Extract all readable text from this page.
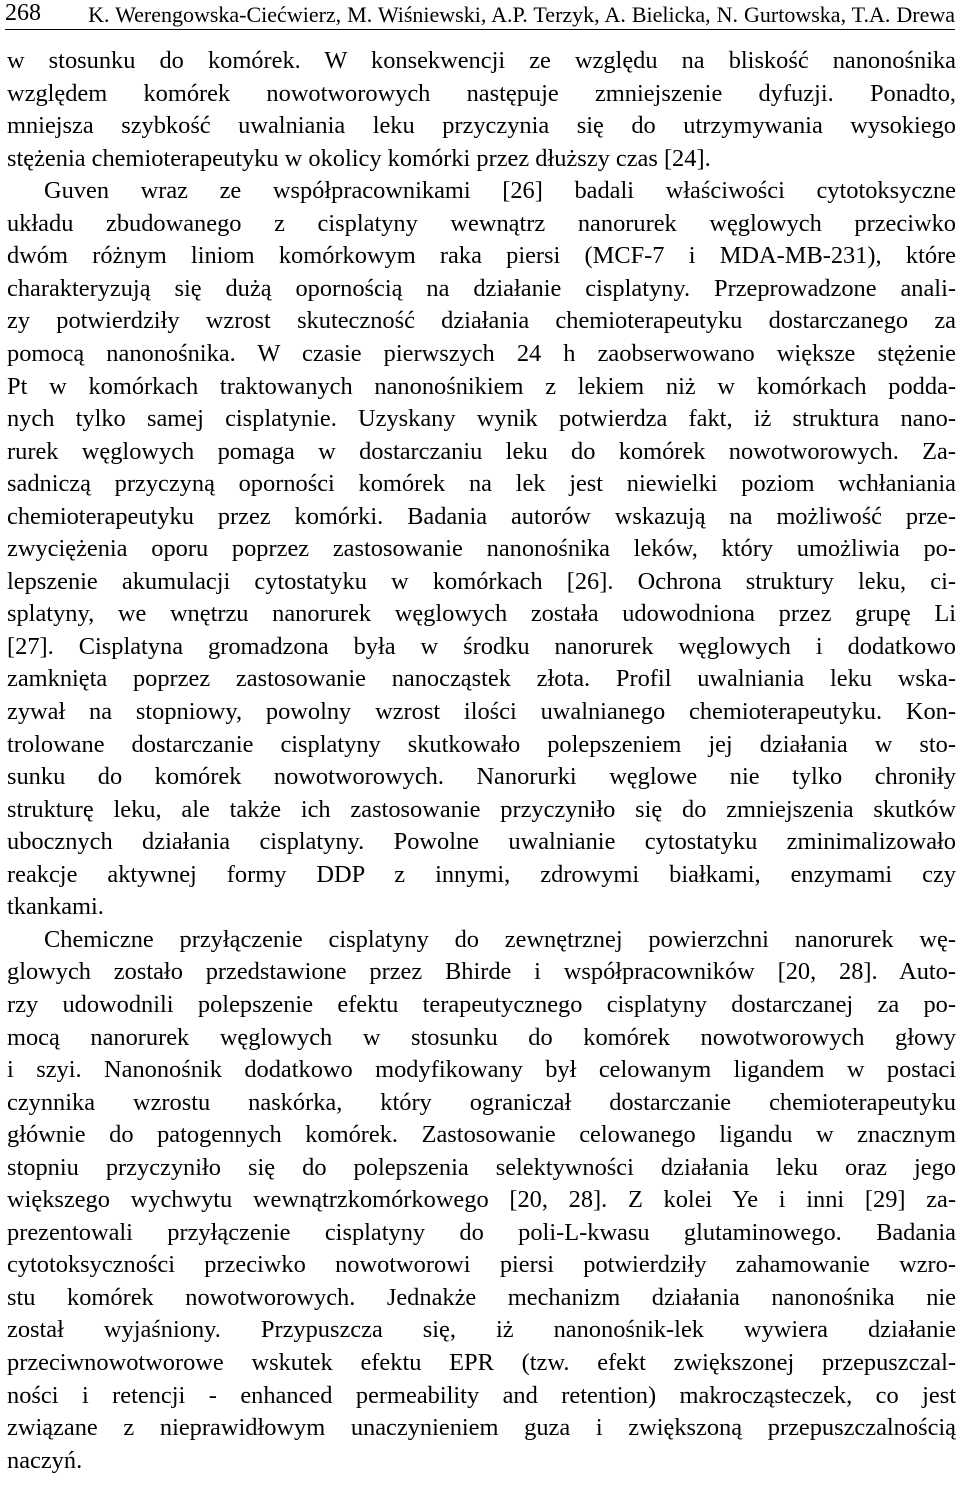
268 K. Werengowska-Ciećwierz, M. Wiśniewski, A.P. Terzyk, A. Bielicka, N. Gurtowska, T.A. Drewa
w stosunku do komórek. W konsekwencji ze względu na bliskość nanonośnika
względem komórek nowotworowych następuje zmniejszenie dyfuzji. Ponadto,
mniejsza szybkość uwalniania leku przyczynia się do utrzymywania wysokiego
stężenia chemioterapeutyku w okolicy komórki przez dłuższy czas [24].
Guven wraz ze współpracownikami [26] badali właściwości cytotoksyczne
układu zbudowanego z cisplatyny wewnątrz nanorurek węglowych przeciwko
dwóm różnym liniom komórkowym raka piersi (MCF-7 i MDA-MB-231), które
charakteryzują się dużą opornością na działanie cisplatyny. Przeprowadzone anali-
zy potwierdziły wzrost skuteczność działania chemioterapeutyku dostarczanego za
pomocą nanonośnika. W czasie pierwszych 24 h zaobserwowano większe stężenie
Pt w komórkach traktowanych nanonośnikiem z lekiem niż w komórkach podda-
nych tylko samej cisplatynie. Uzyskany wynik potwierdza fakt, iż struktura nano-
rurek węglowych pomaga w dostarczaniu leku do komórek nowotworowych. Za-
sadniczą przyczyną oporności komórek na lek jest niewielki poziom wchłaniania
chemioterapeutyku przez komórki. Badania autorów wskazują na możliwość prze-
zwyciężenia oporu poprzez zastosowanie nanonośnika leków, który umożliwia po-
lepszenie akumulacji cytostatyku w komórkach [26]. Ochrona struktury leku, ci-
splatyny, we wnętrzu nanorurek węglowych została udowodniona przez grupę Li
[27]. Cisplatyna gromadzona była w środku nanorurek węglowych i dodatkowo
zamknięta poprzez zastosowanie nanocząstek złota. Profil uwalniania leku wska-
zywał na stopniowy, powolny wzrost ilości uwalnianego chemioterapeutyku. Kon-
trolowane dostarczanie cisplatyny skutkowało polepszeniem jej działania w sto-
sunku do komórek nowotworowych. Nanorurki węglowe nie tylko chroniły
strukturę leku, ale także ich zastosowanie przyczyniło się do zmniejszenia skutków
ubocznych działania cisplatyny. Powolne uwalnianie cytostatyku zminimalizowało
reakcje aktywnej formy DDP z innymi, zdrowymi białkami, enzymami czy
tkankami.
Chemiczne przyłączenie cisplatyny do zewnętrznej powierzchni nanorurek wę-
glowych zostało przedstawione przez Bhirde i współpracowników [20, 28]. Auto-
rzy udowodnili polepszenie efektu terapeutycznego cisplatyny dostarczanej za po-
mocą nanorurek węglowych w stosunku do komórek nowotworowych głowy
i szyi. Nanonośnik dodatkowo modyfikowany był celowanym ligandem w postaci
czynnika wzrostu naskórka, który ograniczał dostarczanie chemioterapeutyku
głównie do patogennych komórek. Zastosowanie celowanego ligandu w znacznym
stopniu przyczyniło się do polepszenia selektywności działania leku oraz jego
większego wychwytu wewnątrzkomórkowego [20, 28]. Z kolei Ye i inni [29] za-
prezentowali przyłączenie cisplatyny do poli-L-kwasu glutaminowego. Badania
cytotoksyczności przeciwko nowotworowi piersi potwierdziły zahamowanie wzro-
stu komórek nowotworowych. Jednakże mechanizm działania nanonośnika nie
został wyjaśniony. Przypuszcza się, iż nanonośnik-lek wywiera działanie
przeciwnowotworowe wskutek efektu EPR (tzw. efekt zwiększonej przepuszczal-
ności i retencji - enhanced permeability and retention) makrocząsteczek, co jest
związane z nieprawidłowym unaczynieniem guza i zwiększoną przepuszczalnością
naczyń.
